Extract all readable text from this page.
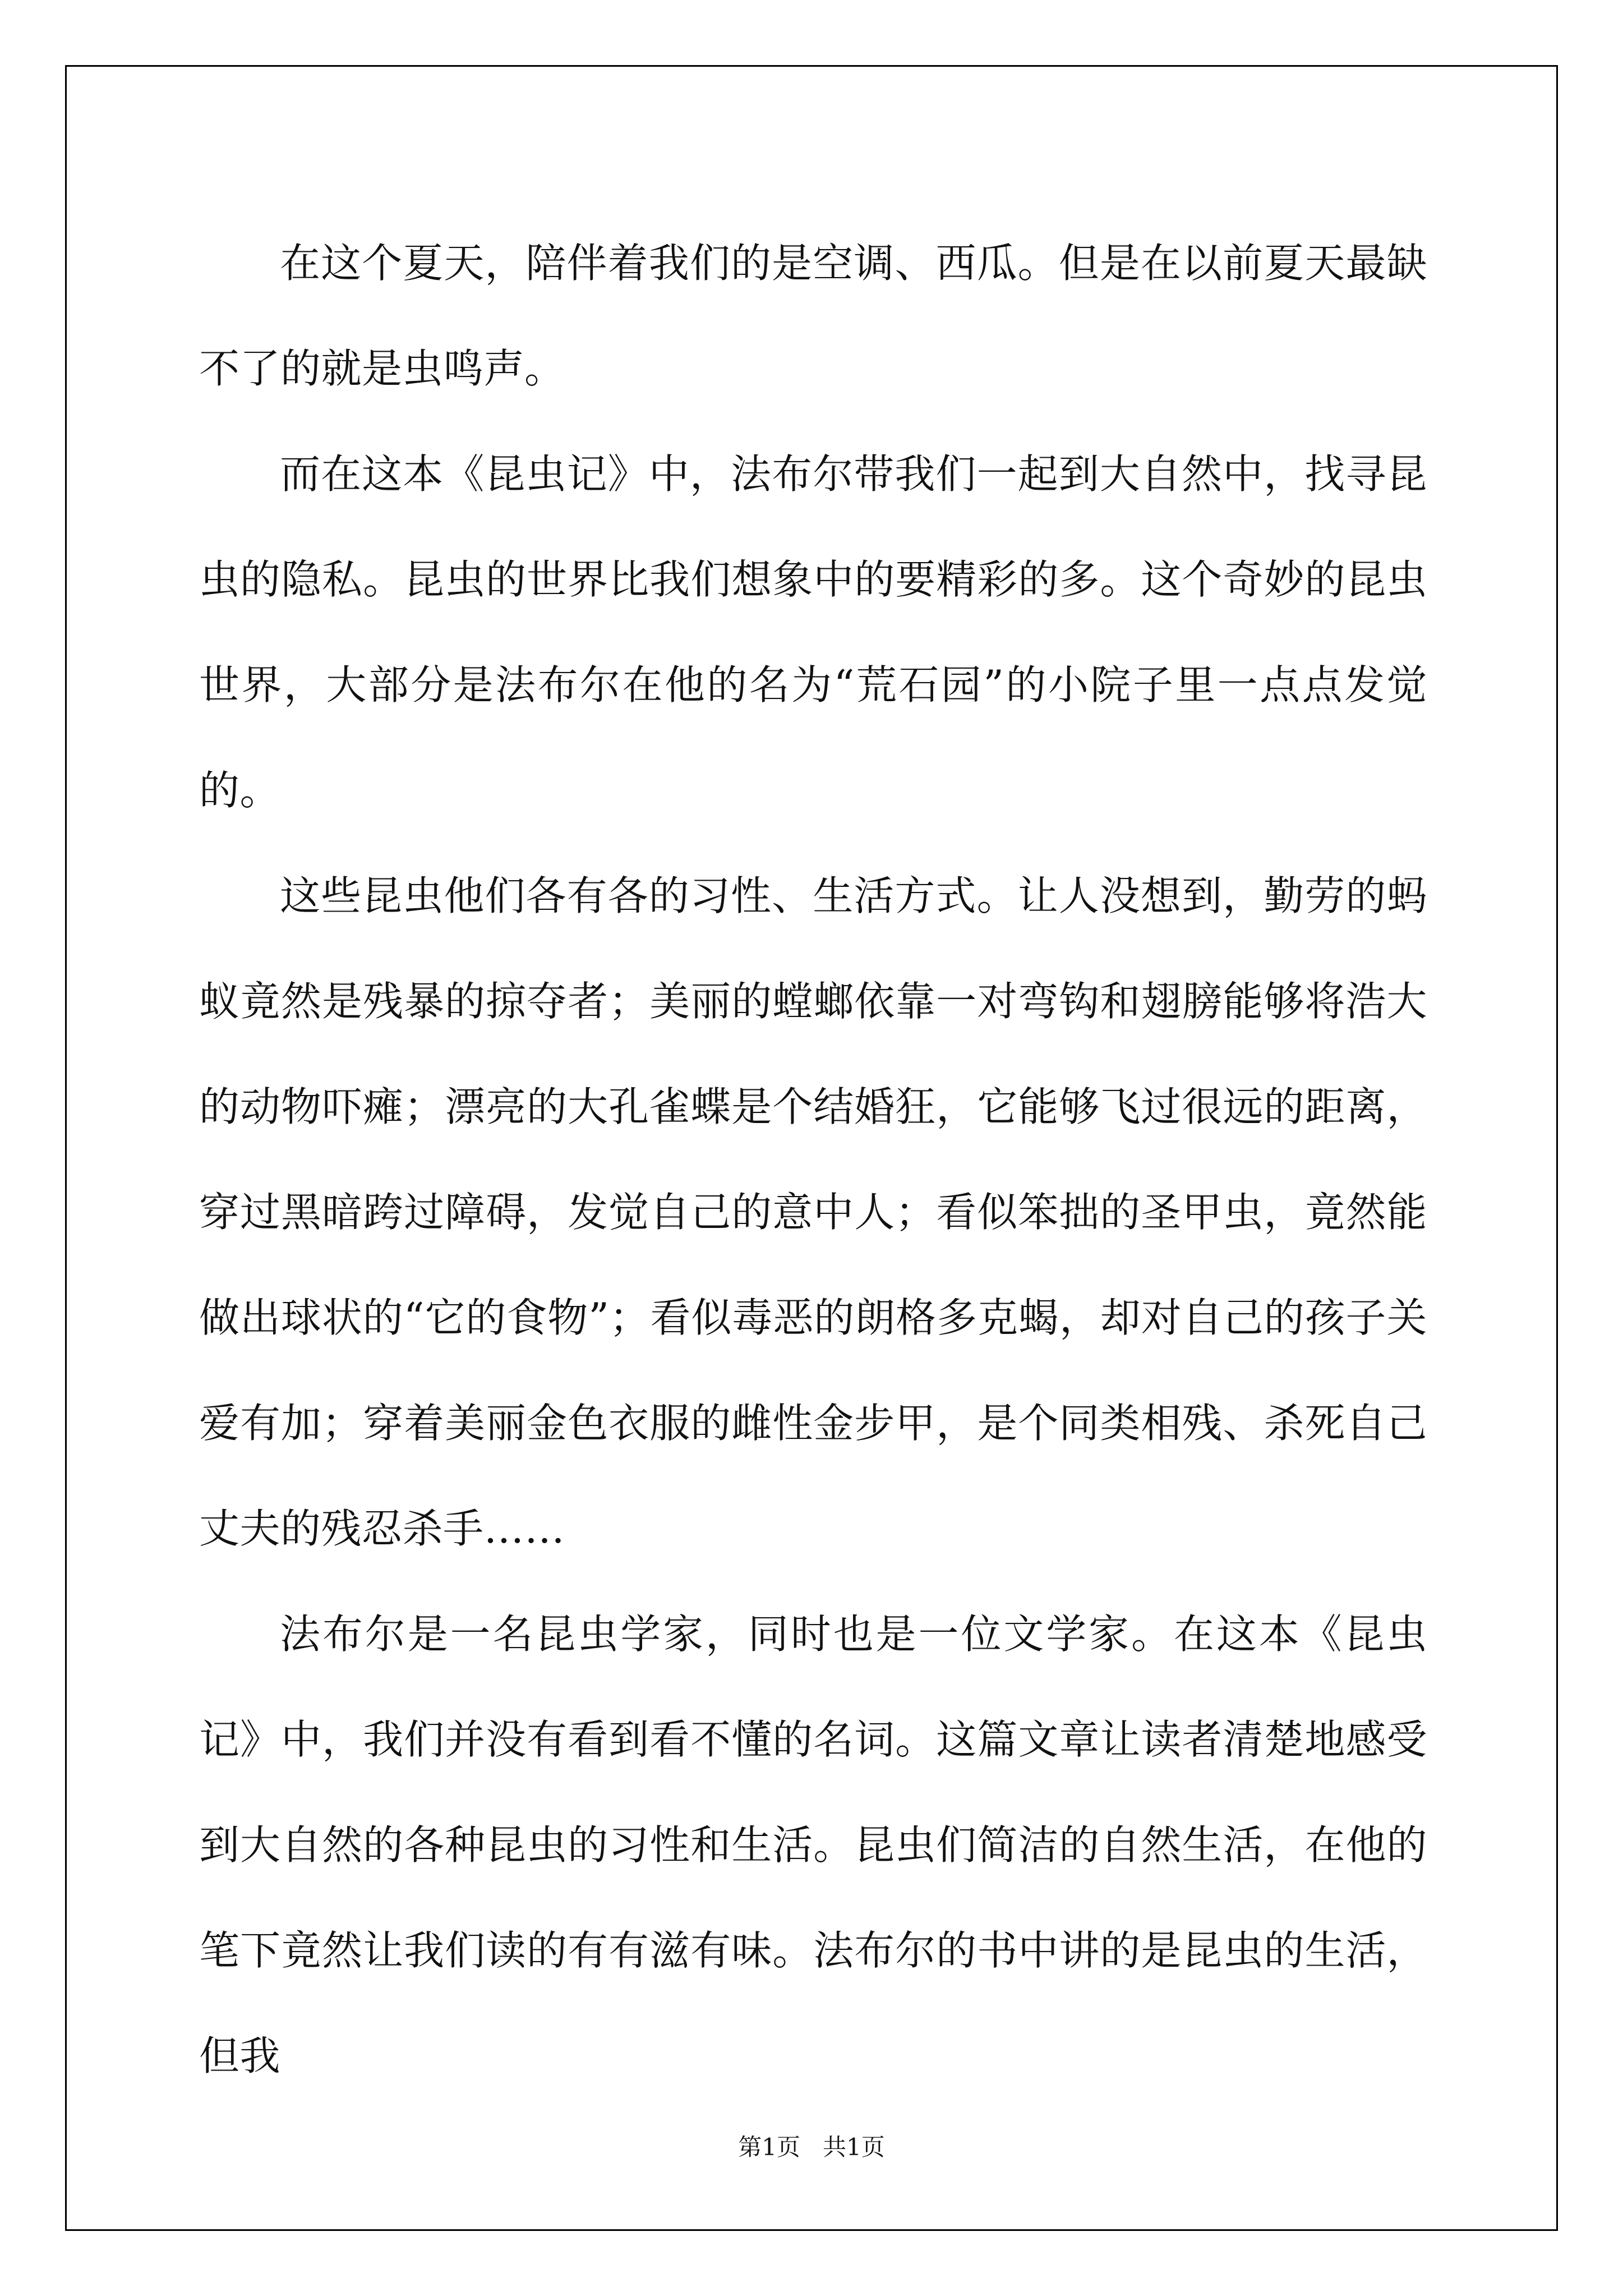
在这个夏天，陪伴着我们的是空调、西瓜。但是在以前夏天最缺不了的就是虫鸣声。

而在这本《昆虫记》中，法布尔带我们一起到大自然中，找寻昆虫的隐私。昆虫的世界比我们想象中的要精彩的多。这个奇妙的昆虫世界，大部分是法布尔在他的名为“荒石园”的小院子里一点点发觉的。

这些昆虫他们各有各的习性、生活方式。让人没想到，勤劳的蚂蚁竟然是残暴的掠夺者；美丽的螳螂依靠一对弯钩和翅膀能够将浩大的动物吓瘫；漂亮的大孔雀蝶是个结婚狂，它能够飞过很远的距离，穿过黑暗跨过障碍，发觉自己的意中人；看似笨拙的圣甲虫，竟然能做出球状的“它的食物”；看似毒恶的朗格多克蝎，却对自己的孩子关爱有加；穿着美丽金色衣服的雌性金步甲，是个同类相残、杀死自己丈夫的残忍杀手……

法布尔是一名昆虫学家，同时也是一位文学家。在这本《昆虫记》中，我们并没有看到看不懂的名词。这篇文章让读者清楚地感受到大自然的各种昆虫的习性和生活。昆虫们简洁的自然生活，在他的笔下竟然让我们读的有有滋有味。法布尔的书中讲的是昆虫的生活，但我

第1页 共1页
